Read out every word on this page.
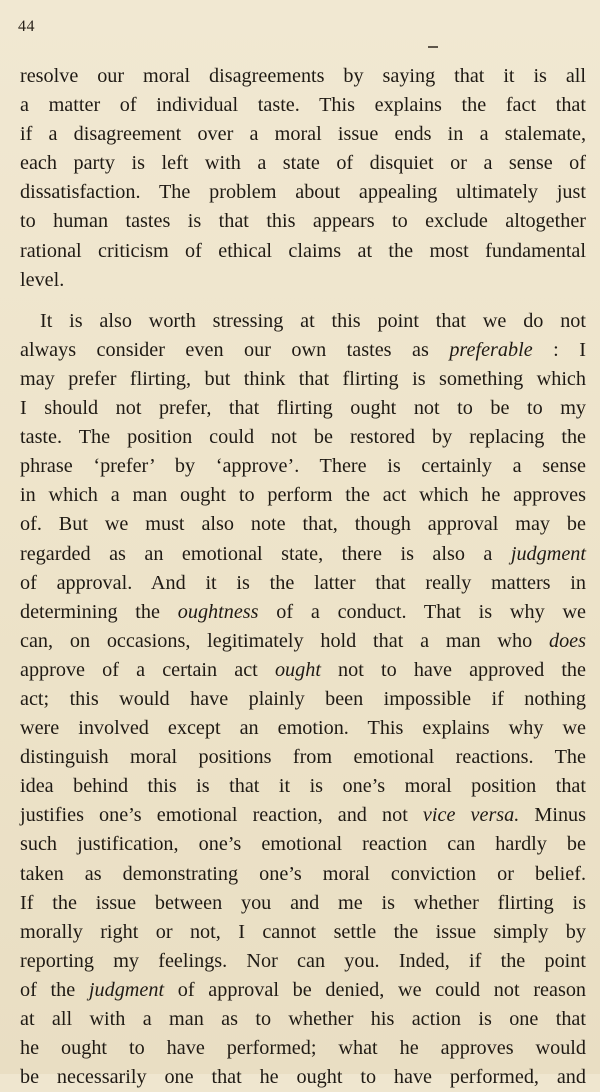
44

resolve our moral disagreements by saying that it is all
a matter of individual taste. This explains the fact that
if a disagreement over a moral issue ends in a stalemate,
each party is left with a state of disquiet or a sense of
dissatisfaction. The problem about appealing ultimately just
to human tastes is that this appears to exclude altogether
rational criticism of ethical claims at the most fundamental
level.

It is also worth stressing at this point that we do not
always consider even our own tastes as preferable : I
may prefer flirting, but think that flirting is something which
I should not prefer, that flirting ought not to be to my
taste. The position could not be restored by replacing the
phrase ‘prefer’ by ‘approve’. There is certainly a sense
in which a man ought to perform the act which he approves
of. But we must also note that, though approval may be
regarded as an emotional state, there is also a judgment
of approval. And it is the latter that really matters in
determining the oughtness of a conduct. That is why we
can, on occasions, legitimately hold that a man who does
approve of a certain act ought not to have approved the
act; this would have plainly been impossible if nothing
were involved except an emotion. This explains why we
distinguish moral positions from emotional reactions. The
idea behind this is that it is one’s moral position that
justifies one’s emotional reaction, and not vice versa. Minus
such justification, one’s emotional reaction can hardly be
taken as demonstrating one’s moral conviction or belief.
If the issue between you and me is whether flirting is
morally right or not, I cannot settle the issue simply by
reporting my feelings. Nor can you. Inded, if the point
of the judgment of approval be denied, we could not reason
at all with a man as to whether his action is one that
he ought to have performed; what he approves would
be necessarily one that he ought to have performed, and
